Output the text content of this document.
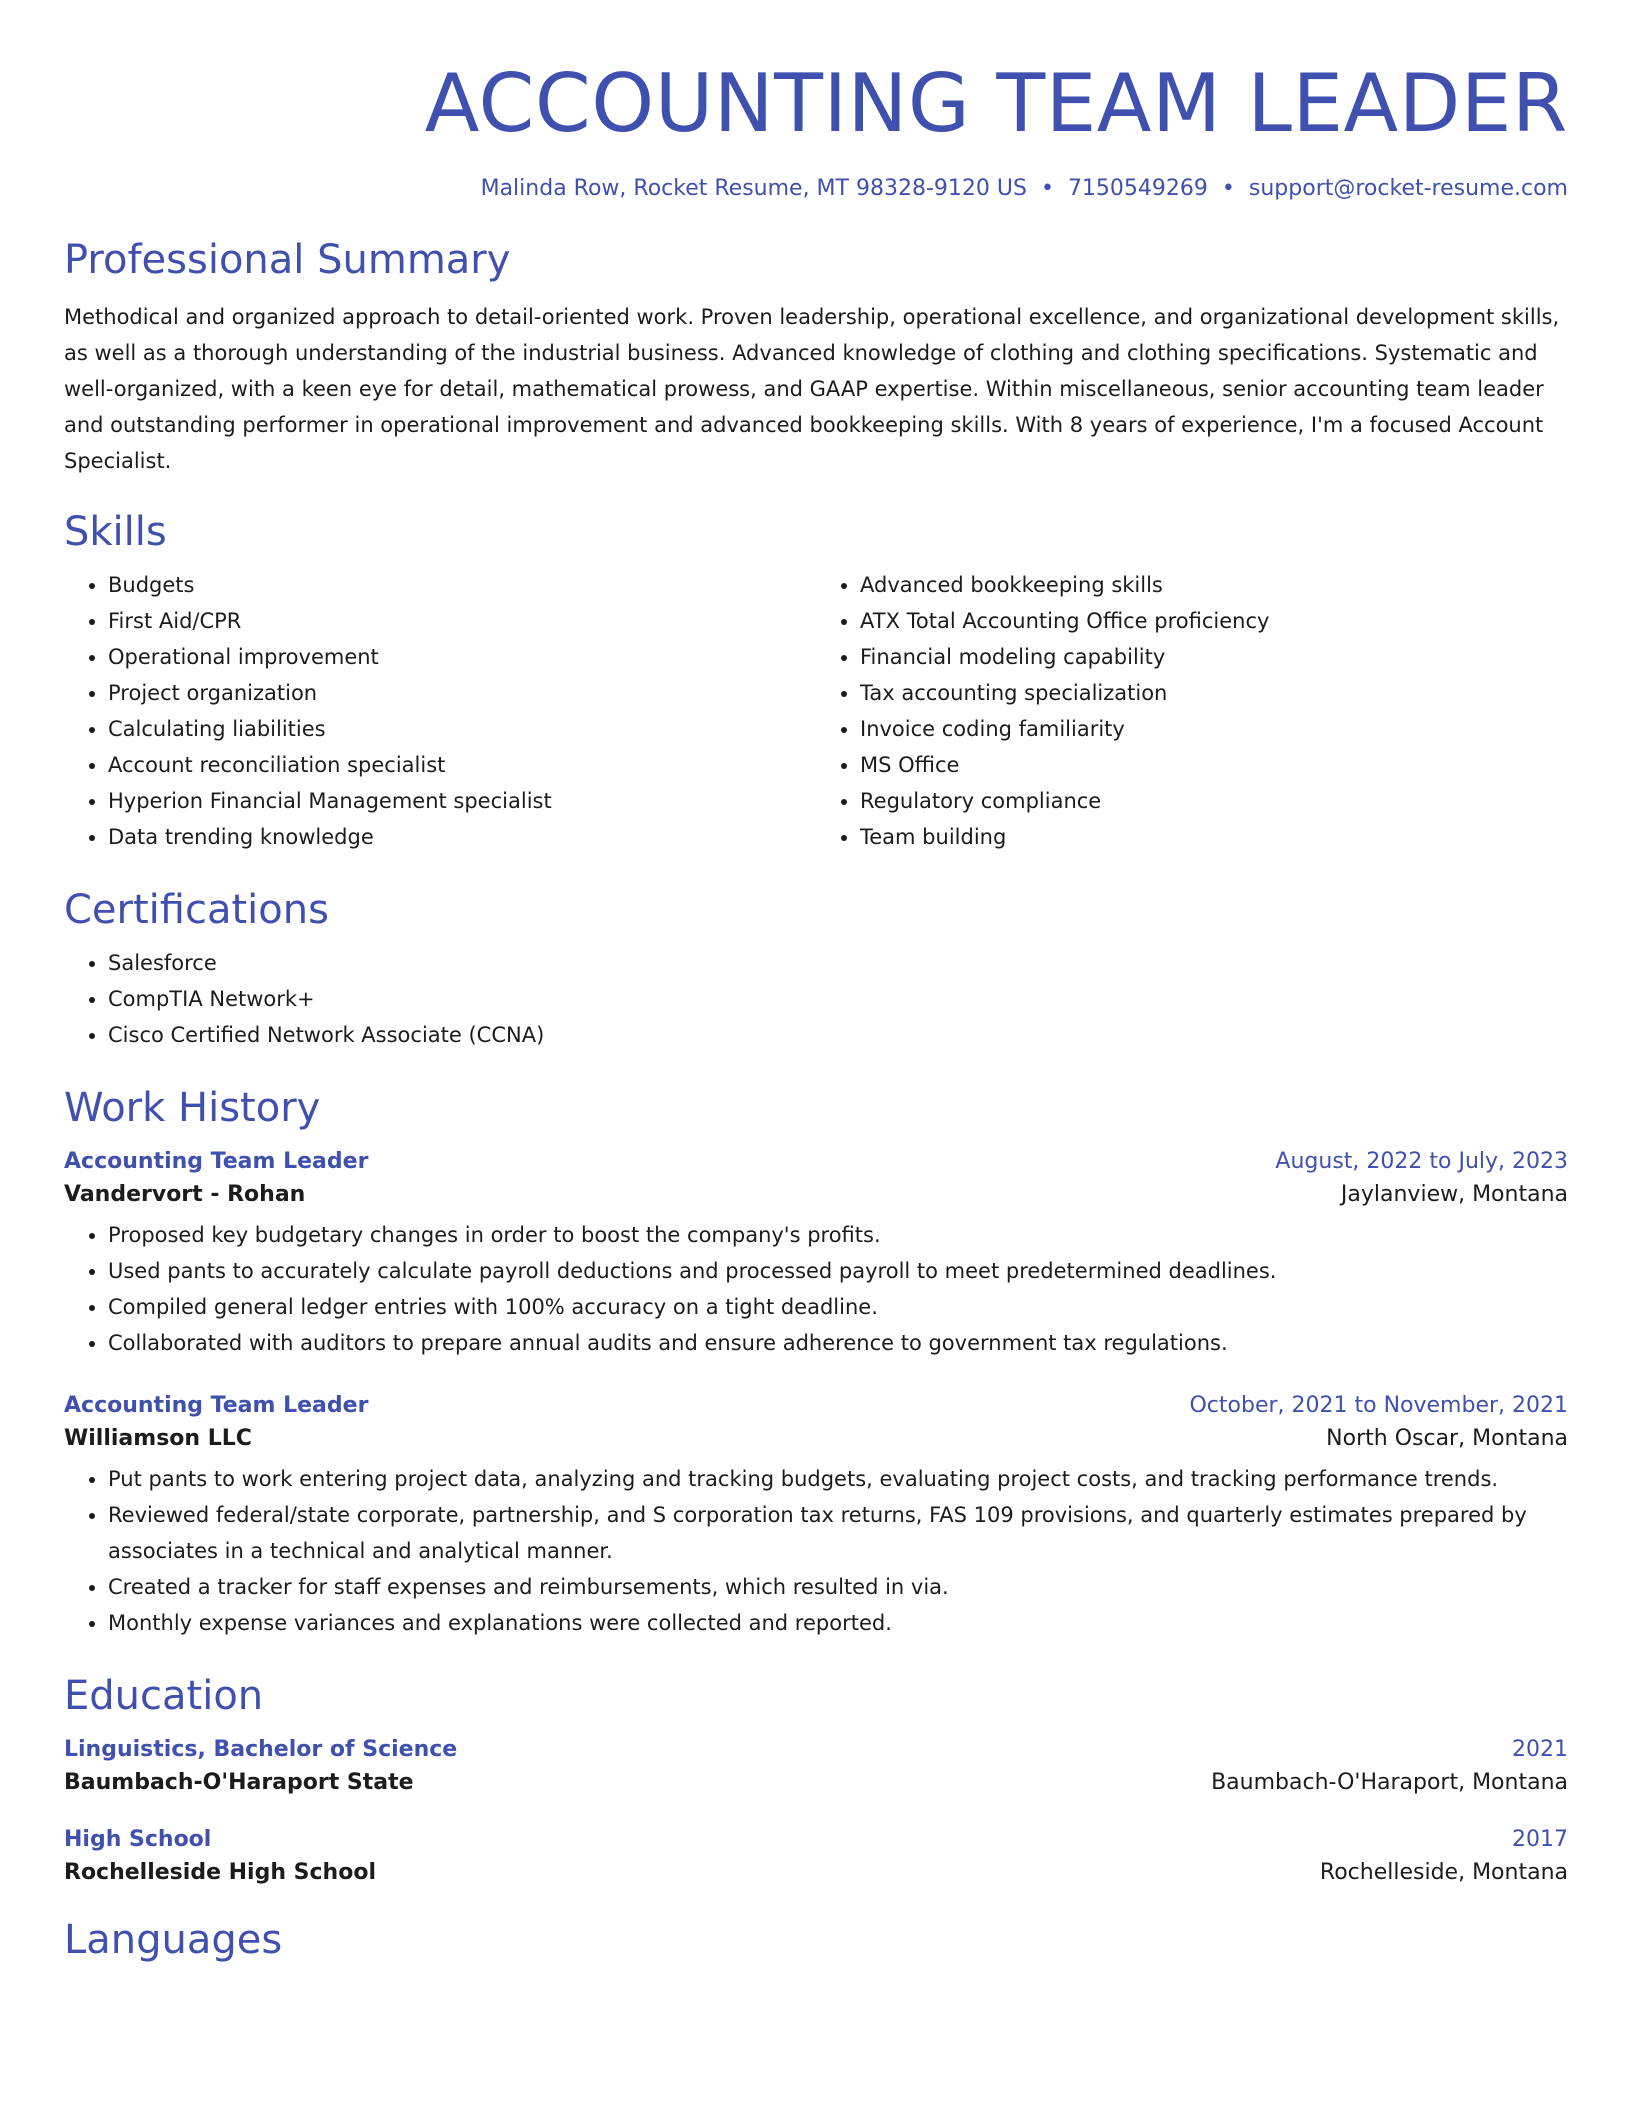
ACCOUNTING TEAM LEADER
Malinda Row, Rocket Resume, MT 98328-9120 US • 7150549269 • support@rocket-resume.com
Professional Summary

Methodical and organized approach to detail-oriented work. Proven leadership, operational excellence, and organizational development skills, as well as a thorough understanding of the industrial business. Advanced knowledge of clothing and clothing specifications. Systematic and well-organized, with a keen eye for detail, mathematical prowess, and GAAP expertise. Within miscellaneous, senior accounting team leader and outstanding performer in operational improvement and advanced bookkeeping skills. With 8 years of experience, I'm a focused Account Specialist.

Skills
• Budgets
• First Aid/CPR
• Operational improvement
• Project organization
• Calculating liabilities
• Account reconciliation specialist
• Hyperion Financial Management specialist
• Data trending knowledge
• Advanced bookkeeping skills
• ATX Total Accounting Office proficiency
• Financial modeling capability
• Tax accounting specialization
• Invoice coding familiarity
• MS Office
• Regulatory compliance
• Team building
Certifications
• Salesforce
• CompTIA Network+
• Cisco Certified Network Associate (CCNA)
Work History
Accounting Team Leader	August, 2022 to July, 2023
Vandervort - Rohan	Jaylanview, Montana
• Proposed key budgetary changes in order to boost the company's profits.
• Used pants to accurately calculate payroll deductions and processed payroll to meet predetermined deadlines.
• Compiled general ledger entries with 100% accuracy on a tight deadline.
• Collaborated with auditors to prepare annual audits and ensure adherence to government tax regulations.
Accounting Team Leader	October, 2021 to November, 2021
Williamson LLC	North Oscar, Montana
• Put pants to work entering project data, analyzing and tracking budgets, evaluating project costs, and tracking performance trends.
• Reviewed federal/state corporate, partnership, and S corporation tax returns, FAS 109 provisions, and quarterly estimates prepared by associates in a technical and analytical manner.
• Created a tracker for staff expenses and reimbursements, which resulted in via.
• Monthly expense variances and explanations were collected and reported.
Education
Linguistics, Bachelor of Science	2021
Baumbach-O'Haraport State	Baumbach-O'Haraport, Montana
High School	2017
Rochelleside High School	Rochelleside, Montana
Languages
